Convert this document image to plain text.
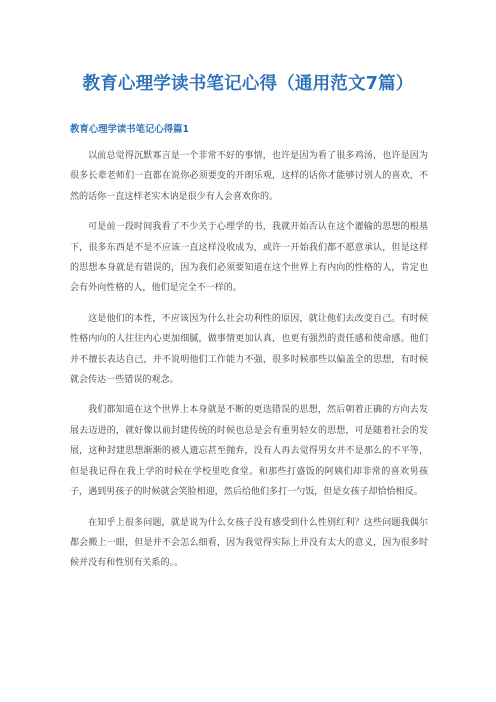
教育心理学读书笔记心得（通用范文7篇）
教育心理学读书笔记心得篇1

以前总觉得沉默寡言是一个非常不好的事情，也许是因为看了很多鸡汤，也许是因为很多长辈老师们一直都在说你必须要变的开朗乐观，这样的话你才能够讨别人的喜欢，不然的话你一直这样老实木讷是很少有人会喜欢你的。

可是前一段时间我看了不少关于心理学的书，我就开始否认在这个灌输的思想的根基下，很多东西是不是不应该一直这样没收成为，或许一开始我们都不愿意承认，但是这样的思想本身就是有错误的，因为我们必须要知道在这个世界上有内向的性格的人，肯定也会有外向性格的人，他们是完全不一样的。

这是他们的本性，不应该因为什么社会功利性的原因，就让他们去改变自己。有时候性格内向的人往往内心更加细腻，做事情更加认真，也更有强烈的责任感和使命感。他们并不擅长表达自己，并不说明他们工作能力不强，很多时候那些以偏盖全的思想，有时候就会传达一些错误的观念。

我们都知道在这个世界上本身就是不断的更迭错误的思想，然后朝着正确的方向去发展去迈进的，就好像以前封建传统的时候也总是会有重男轻女的思想，可是随着社会的发展，这种封建思想渐渐的被人遗忘甚至抛弃，没有人再去觉得男女并不是那么的不平等，但是我记得在我上学的时候在学校里吃食堂。和那些打盛饭的阿姨们却非常的喜欢男孩子，遇到男孩子的时候就会笑脸相迎，然后给他们多打一勺饭，但是女孩子却恰恰相反。

在知乎上很多问题，就是说为什么女孩子没有感受到什么性别红利？这些问题我偶尔都会搬上一眼，但是并不会怎么细看，因为我觉得实际上并没有太大的意义，因为很多时候并没有和性别有关系的。。
